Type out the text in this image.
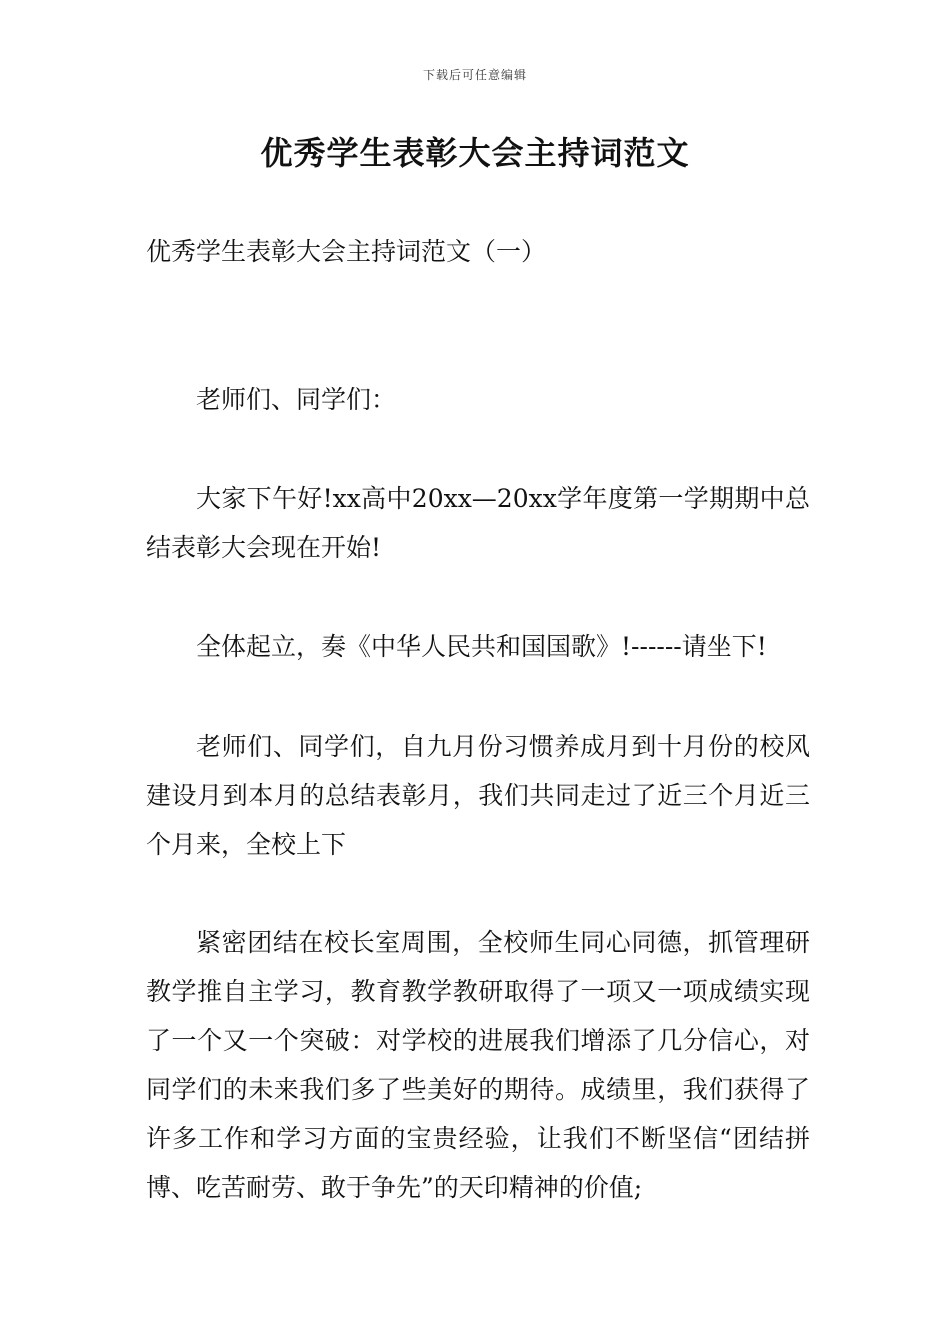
下载后可任意编辑
优秀学生表彰大会主持词范文

优秀学生表彰大会主持词范文（一）

老师们、同学们：

大家下午好!xx高中20xx—20xx学年度第一学期期中总结表彰大会现在开始!

全体起立，奏《中华人民共和国国歌》!------请坐下!

老师们、同学们，自九月份习惯养成月到十月份的校风建设月到本月的总结表彰月，我们共同走过了近三个月近三个月来，全校上下

紧密团结在校长室周围，全校师生同心同德，抓管理研教学推自主学习，教育教学教研取得了一项又一项成绩实现了一个又一个突破：对学校的进展我们增添了几分信心，对同学们的未来我们多了些美好的期待。成绩里，我们获得了许多工作和学习方面的宝贵经验，让我们不断坚信“团结拼博、吃苦耐劳、敢于争先”的天印精神的价值;
